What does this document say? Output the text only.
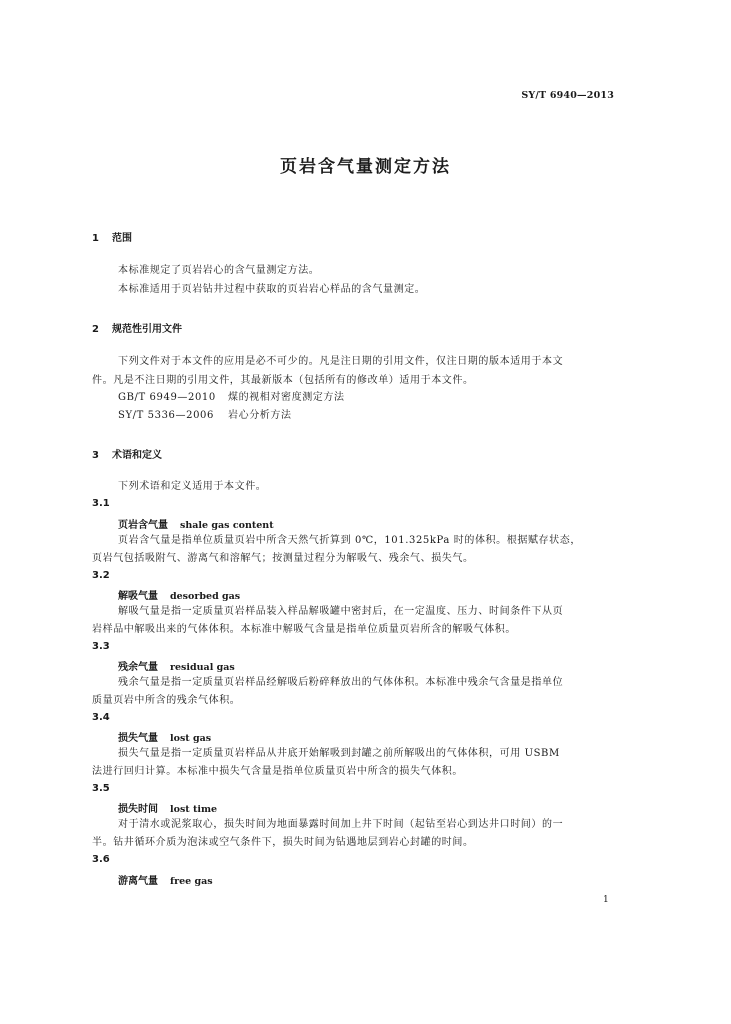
SY/T 6940—2013
页岩含气量测定方法
1 范围
本标准规定了页岩岩心的含气量测定方法。
本标准适用于页岩钻井过程中获取的页岩岩心样品的含气量测定。
2 规范性引用文件
下列文件对于本文件的应用是必不可少的。凡是注日期的引用文件，仅注日期的版本适用于本文
件。凡是不注日期的引用文件，其最新版本（包括所有的修改单）适用于本文件。
GB/T 6949—2010 煤的视相对密度测定方法
SY/T 5336—2006 岩心分析方法
3 术语和定义
下列术语和定义适用于本文件。
3.1
页岩含气量 shale gas content
页岩含气量是指单位质量页岩中所含天然气折算到 0℃，101.325kPa 时的体积。根据赋存状态，
页岩气包括吸附气、游离气和溶解气；按测量过程分为解吸气、残余气、损失气。
3.2
解吸气量 desorbed gas
解吸气量是指一定质量页岩样品装入样品解吸罐中密封后，在一定温度、压力、时间条件下从页
岩样品中解吸出来的气体体积。本标准中解吸气含量是指单位质量页岩所含的解吸气体积。
3.3
残余气量 residual gas
残余气量是指一定质量页岩样品经解吸后粉碎释放出的气体体积。本标准中残余气含量是指单位
质量页岩中所含的残余气体积。
3.4
损失气量 lost gas
损失气量是指一定质量页岩样品从井底开始解吸到封罐之前所解吸出的气体体积，可用 USBM
法进行回归计算。本标准中损失气含量是指单位质量页岩中所含的损失气体积。
3.5
损失时间 lost time
对于清水或泥浆取心，损失时间为地面暴露时间加上井下时间（起钻至岩心到达井口时间）的一
半。钻井循环介质为泡沫或空气条件下，损失时间为钻遇地层到岩心封罐的时间。
3.6
游离气量 free gas
1
